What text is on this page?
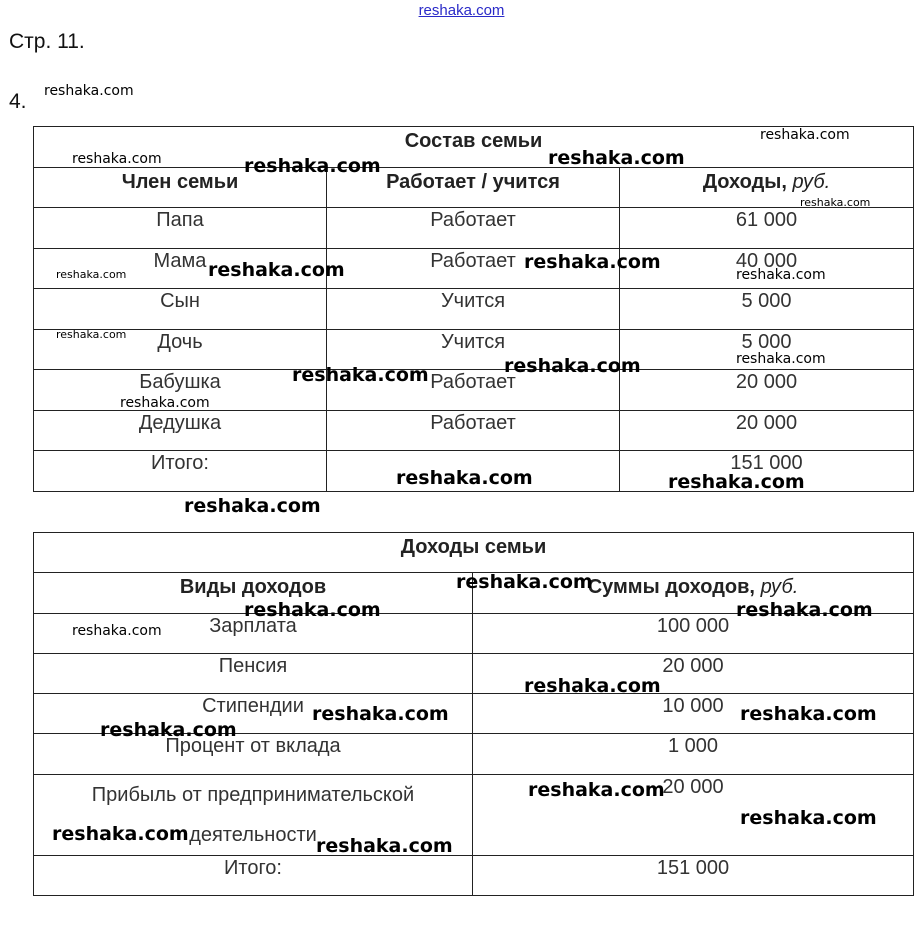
reshaka.com
Стр. 11.
4.
Состав семьи		
Член семьи	Работает / учится	Доходы, руб.
Папа	Работает	61 000
Мама	Работает	40 000
Сын	Учится	5 000
Дочь	Учится	5 000
Бабушка	Работает	20 000
Дедушка	Работает	20 000
Итого:		151 000
Доходы семьи	
Виды доходов	Суммы доходов, руб.
Зарплата	100 000
Пенсия	20 000
Стипендии	10 000
Процент от вклада	1 000
Прибыль от предпринимательской деятельности	20 000
Итого:	151 000
reshaka.com
reshaka.com
reshaka.com	reshaka.com	reshaka.com
reshaka.com
reshaka.com
reshaka.com
reshaka.com
reshaka.com
reshaka.com
reshaka.com
reshaka.com
reshaka.com
reshaka.com
reshaka.com	reshaka.com
reshaka.com
reshaka.com
reshaka.com	reshaka.com
reshaka.com
reshaka.com
reshaka.com	reshaka.com
reshaka.com
reshaka.com
reshaka.com
reshaka.com
reshaka.com
